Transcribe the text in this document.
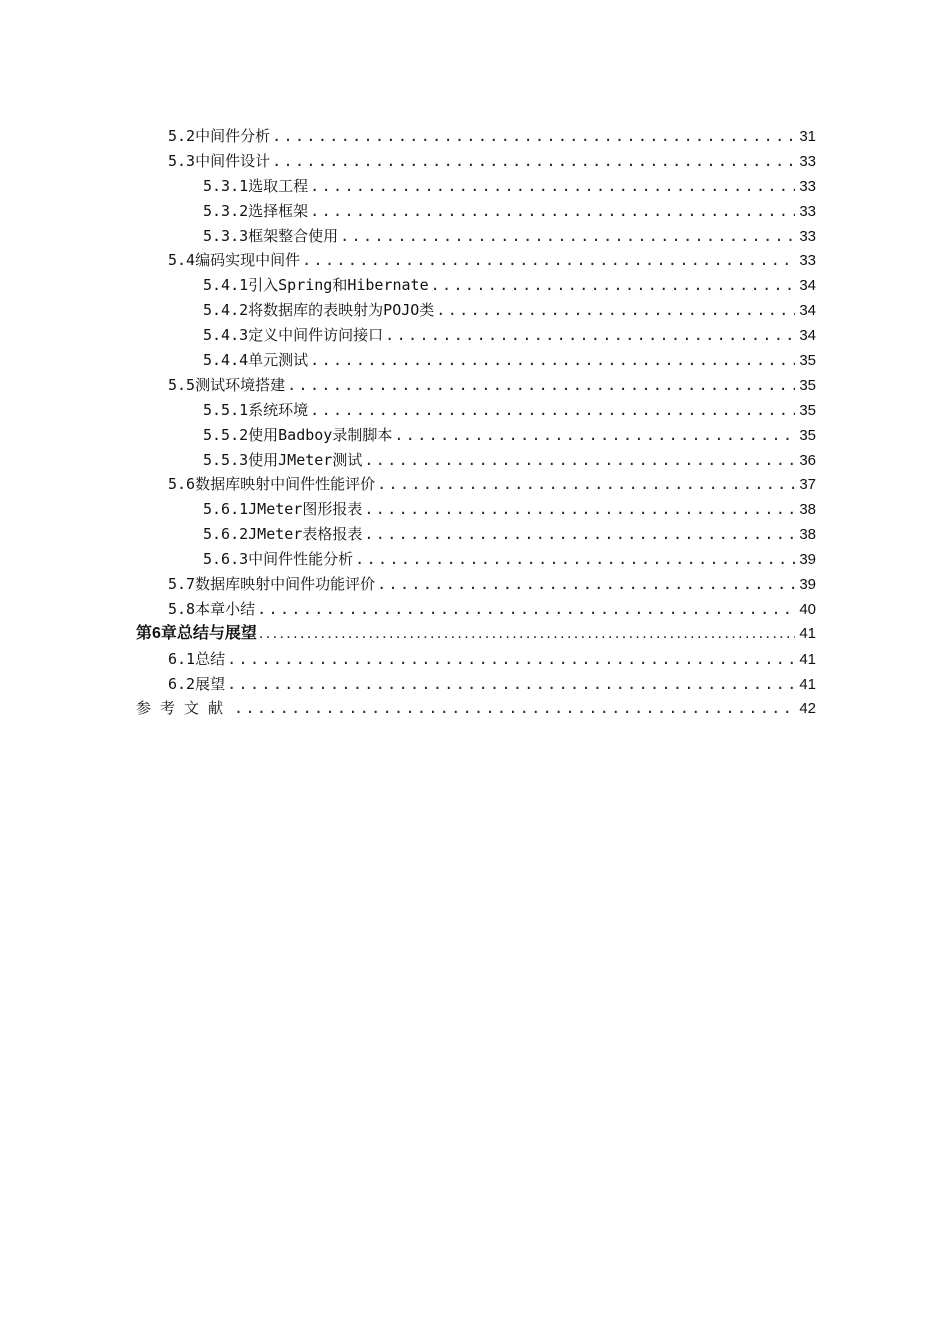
5.2 中间件分析 .....	31
5.3 中间件设计 .....	33
5.3.1 选取工程 .....	33
5.3.2 选择框架 .....	33
5.3.3 框架整合使用 .....	33
5.4 编码实现中间件 .....	33
5.4.1 引入Spring和Hibernate .....	34
5.4.2 将数据库的表映射为POJO类 .....	34
5.4.3 定义中间件访问接口 .....	34
5.4.4 单元测试 .....	35
5.5 测试环境搭建 .....	35
5.5.1 系统环境 .....	35
5.5.2 使用Badboy录制脚本 .....	35
5.5.3 使用JMeter测试 .....	36
5.6 数据库映射中间件性能评价 .....	37
5.6.1 JMeter图形报表 .....	38
5.6.2 JMeter表格报表 .....	38
5.6.3 中间件性能分析 .....	39
5.7 数据库映射中间件功能评价 .....	39
5.8 本章小结 .....	40
第6章 总结与展望 .....	41
6.1 总结 .....	41
6.2 展望 .....	41
参考文献 .....	42
